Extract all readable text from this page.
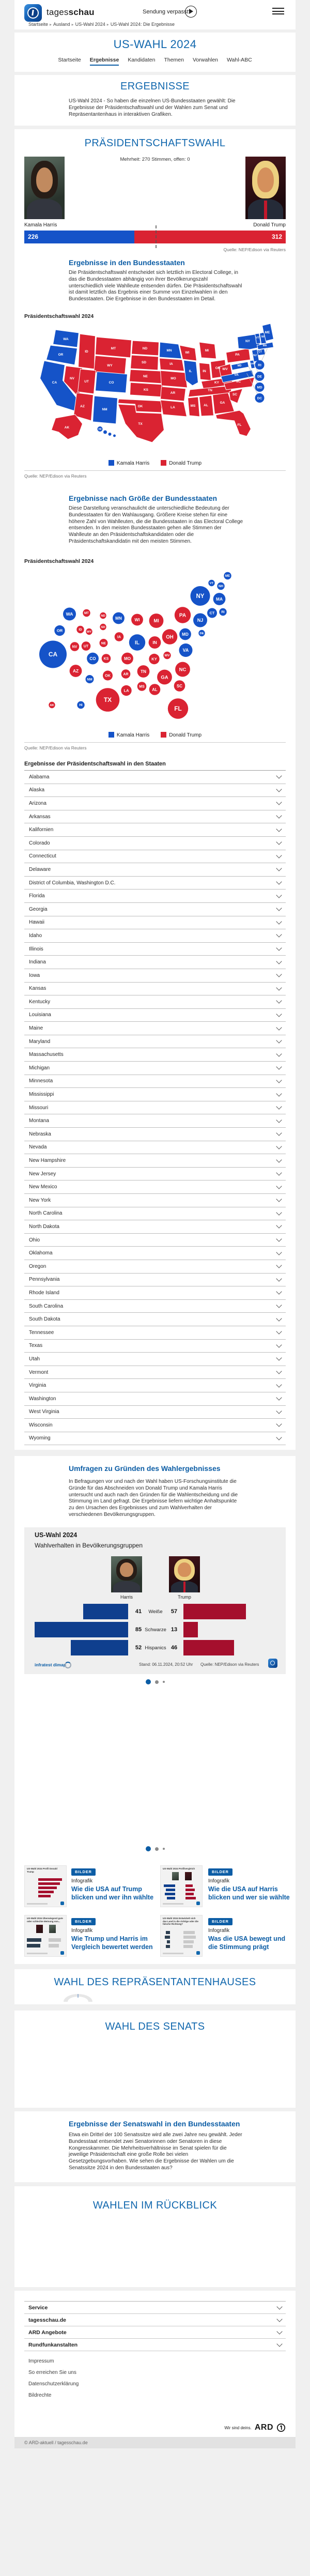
tagesschau	Sendung verpasst?
Startseite ▸ Ausland ▸ US-Wahl 2024 ▸ US-Wahl 2024: Die Ergebnisse
US-WAHL 2024
Startseite Ergebnisse Kandidaten Themen Vorwahlen Wahl-ABC
ERGEBNISSE

US-Wahl 2024 - So haben die einzelnen US-Bundesstaaten gewählt: Die Ergebnisse der Präsidentschaftswahl und der Wahlen zum Senat und Repräsentantenhaus in interaktiven Grafiken.

PRÄSIDENTSCHAFTSWAHL
Mehrheit: 270 Stimmen, offen: 0
Kamala Harris	Donald Trump
226	312
Quelle: NEP/Edison via Reuters
Ergebnisse in den Bundesstaaten

Die Präsidentschaftswahl entscheidet sich letztlich im Electoral College, in das die Bundesstaaten abhängig von ihrer Bevölkerungszahl unterschiedlich viele Wahlleute entsenden dürfen. Die Präsidentschaftswahl ist damit letztlich das Ergebnis einer Summe von Einzelwahlen in den Bundesstaaten. Die Ergebnisse in den Bundesstaaten im Detail.

Präsidentschaftswahl 2024
RI
DE
MD
DC
WA
OR
CA
NV
ID
MT
WY
UT	CO
AZ
NM
ND
SD
NE
KS
OK
TX
MN
IA
MO
AR
LA
WI
IL
MI
IN
OH
KY
TN
MS AL
GA
FL
SC
NC
VA
WV
PA
NY
ME
VT NH
MA
CT
NJ
MD
DE
AK	HI
Kamala Harris	Donald Trump
Quelle: NEP/Edison via Reuters
Ergebnisse nach Größe der Bundesstaaten

Diese Darstellung veranschaulicht die unterschiedliche Bedeutung der Bundesstaaten für den Wahlausgang. Größere Kreise stehen für eine höhere Zahl von Wahlleuten, die die Bundesstaaten in das Electoral College entsenden. In den meisten Bundesstaaten gehen alle Stimmen der Wahlleute an den Präsidentschaftskandidaten oder die Präsidentschaftskandidatin mit den meisten Stimmen.

Präsidentschaftswahl 2024
ME
VT
NH
NY	MA
CT RI
WA	MT
ND MN	WI	MI
PA
NJ
OR	ID
WY
SD
IA
IL	IN
OH
MD	DE
WV
VA
CA
NV UT
CO
NE
KS	MO	KY
AZ
NM
OK	AR
TN	NC
SC
GA
MS
AL
LA
TX
FL
AK	HI
Kamala Harris	Donald Trump
Quelle: NEP/Edison via Reuters
Ergebnisse der Präsidentschaftswahl in den Staaten
Alabama
Alaska
Arizona
Arkansas
Kalifornien
Colorado
Connecticut
Delaware
District of Columbia, Washington D.C.
Florida
Georgia
Hawaii
Idaho
Illinois
Indiana
Iowa
Kansas
Kentucky
Louisiana
Maine
Maryland
Massachusetts
Michigan
Minnesota
Mississippi
Missouri
Montana
Nebraska
Nevada
New Hampshire
New Jersey
New Mexico
New York
North Carolina
North Dakota
Ohio
Oklahoma
Oregon
Pennsylvania
Rhode Island
South Carolina
South Dakota
Tennessee
Texas
Utah
Vermont
Virginia
Washington
West Virginia
Wisconsin
Wyoming
Umfragen zu Gründen des Wahlergebnisses

In Befragungen vor und nach der Wahl haben US-Forschungsinstitute die Gründe für das Abschneiden von Donald Trump und Kamala Harris untersucht und auch nach den Gründen für die Wahlentscheidung und die Stimmung im Land gefragt. Die Ergebnisse liefern wichtige Anhaltspunkte zu den Ursachen des Ergebnisses und zum Wahlverhalten der verschiedenen Bevölkerungsgruppen.

US-Wahl 2024
Wahlverhalten in Bevölkerungsgruppen
Harris	Trump
41	Weiße	57
85 Schwarze 13
52 Hispanics 46
infratest dimap	Stand: 06.11.2024, 20:52 Uhr Quelle: NEP/Edison via Reuters
US-Wahl 2024 Profil Donald Trump	BILDER
Infografik
Wie die USA auf Trump blicken und wer ihn wählte
US-Wahl 2024 Profilvergleich
BILDER
Infografik
Wie die USA auf Harris blicken und wer sie wählte
US-Wahl 2024 Überwiegend gute oder schlechte Meinung von...	BILDER
Infografik
Wie Trump und Harris im Vergleich bewertet werden
US-Wahl 2024 Entwickelt sich das Land in die richtige oder die falsche Richtung?
BILDER
Infografik
Was die USA bewegt und die Stimmung prägt
WAHL DES REPRÄSENTANTENHAUSES
WAHL DES SENATS
Ergebnisse der Senatswahl in den Bundesstaaten

Etwa ein Drittel der 100 Senatssitze wird alle zwei Jahre neu gewählt. Jeder Bundesstaat entsendet zwei Senatorinnen oder Senatoren in diese Kongresskammer. Die Mehrheitsverhältnisse im Senat spielen für die jeweilige Präsidentschaft eine große Rolle bei vielen Gesetzgebungsvorhaben. Wie sehen die Ergebnisse der Wahlen um die Senatssitze 2024 in den Bundesstaaten aus?

WAHLEN IM RÜCKBLICK
Service
tagesschau.de
ARD Angebote
Rundfunkanstalten
Impressum
So erreichen Sie uns
Datenschutzerklärung
Bildrechte
Wir sind deins. ARD
© ARD-aktuell / tagesschau.de
